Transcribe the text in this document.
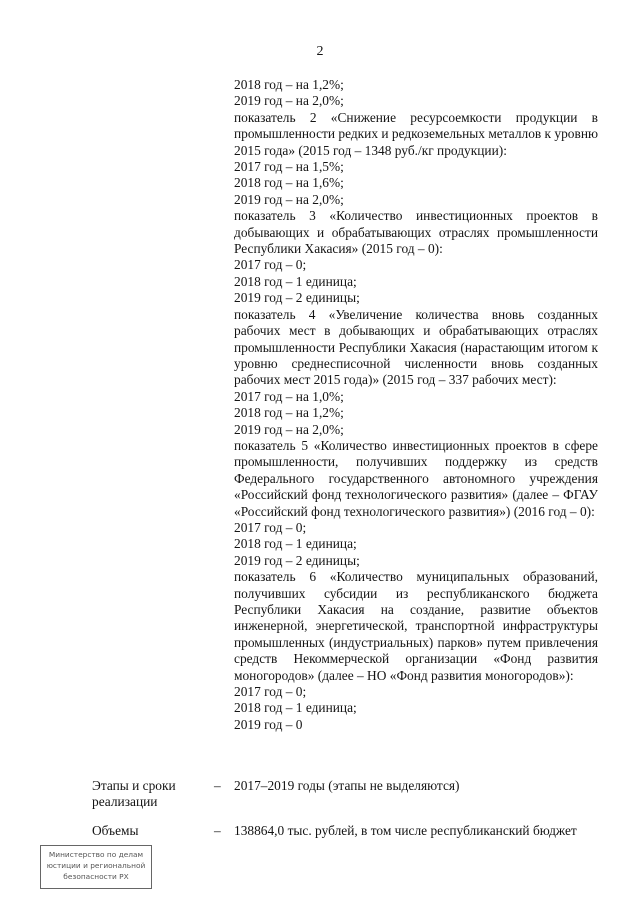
2

2018 год – на 1,2%;

2019 год – на 2,0%;

показатель 2 «Снижение ресурсоемкости продукции в промышленности редких и редкоземельных металлов к уровню 2015 года» (2015 год – 1348 руб./кг продукции):

2017 год – на 1,5%;

2018 год – на 1,6%;

2019 год – на 2,0%;

показатель 3 «Количество инвестиционных проектов в добывающих и обрабатывающих отраслях промышленности Республики Хакасия» (2015 год – 0):

2017 год – 0;

2018 год – 1 единица;

2019 год – 2 единицы;

показатель 4 «Увеличение количества вновь созданных рабочих мест в добывающих и обрабатывающих отраслях промышленности Республики Хакасия (нарастающим итогом к уровню среднесписочной численности вновь созданных рабочих мест 2015 года)» (2015 год – 337 рабочих мест):

2017 год – на 1,0%;

2018 год – на 1,2%;

2019 год – на 2,0%;

показатель 5 «Количество инвестиционных проектов в сфере промышленности, получивших поддержку из средств Федерального государственного автономного учреждения «Российский фонд технологического развития» (далее – ФГАУ «Российский фонд технологического развития») (2016 год – 0):

2017 год – 0;

2018 год – 1 единица;

2019 год – 2 единицы;

показатель 6 «Количество муниципальных образований, получивших субсидии из республиканского бюджета Республики Хакасия на создание, развитие объектов инженерной, энергетической, транспортной инфраструктуры промышленных (индустриальных) парков» путем привлечения средств Некоммерческой организации «Фонд развития моногородов» (далее – НО «Фонд развития моногородов»):

2017 год – 0;

2018 год – 1 единица;

2019 год – 0

Этапы и сроки реализации
– 2017–2019 годы (этапы не выделяются)
Объемы	– 138864,0 тыс. рублей, в том числе республиканский бюджет
Министерство по делам
юстиции и региональной
безопасности РХ
